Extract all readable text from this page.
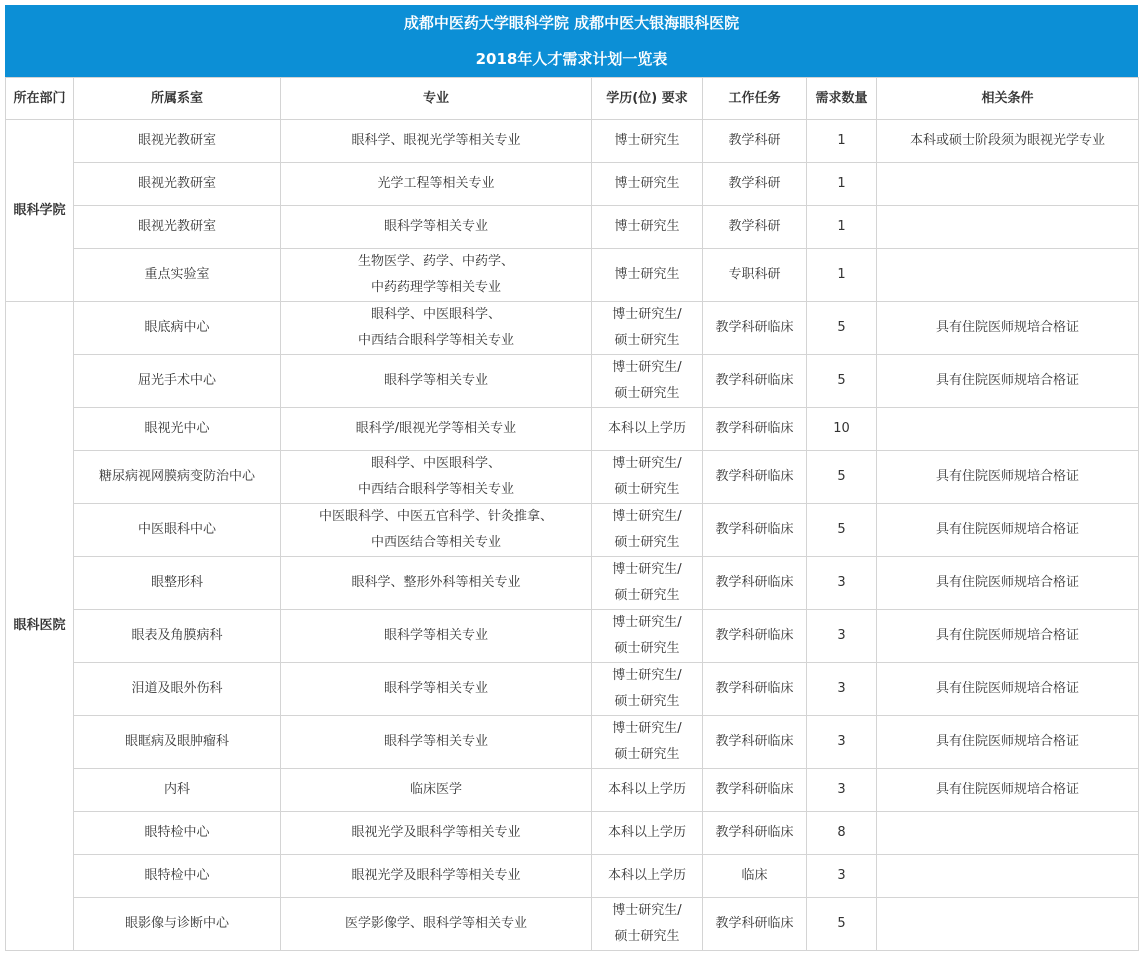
成都中医药大学眼科学院 成都中医大银海眼科医院
2018年人才需求计划一览表
所在部门	所属系室	专业	学历(位) 要求	工作任务	需求数量	相关条件
眼科学院	眼视光教研室	眼科学、眼视光学等相关专业	博士研究生	教学科研	1	本科或硕士阶段须为眼视光学专业
	眼视光教研室	光学工程等相关专业	博士研究生	教学科研	1	
	眼视光教研室	眼科学等相关专业	博士研究生	教学科研	1	
	重点实验室	生物医学、药学、中药学、
中药药理学等相关专业	博士研究生	专职科研	1	
眼科医院	眼底病中心	眼科学、中医眼科学、
中西结合眼科学等相关专业	博士研究生/
硕士研究生	教学科研临床	5	具有住院医师规培合格证
	屈光手术中心	眼科学等相关专业	博士研究生/
硕士研究生	教学科研临床	5	具有住院医师规培合格证
	眼视光中心	眼科学/眼视光学等相关专业	本科以上学历	教学科研临床	10	
	糖尿病视网膜病变防治中心	眼科学、中医眼科学、
中西结合眼科学等相关专业	博士研究生/
硕士研究生	教学科研临床	5	具有住院医师规培合格证
	中医眼科中心	中医眼科学、中医五官科学、针灸推拿、
中西医结合等相关专业	博士研究生/
硕士研究生	教学科研临床	5	具有住院医师规培合格证
	眼整形科	眼科学、整形外科等相关专业	博士研究生/
硕士研究生	教学科研临床	3	具有住院医师规培合格证
	眼表及角膜病科	眼科学等相关专业	博士研究生/
硕士研究生	教学科研临床	3	具有住院医师规培合格证
	泪道及眼外伤科	眼科学等相关专业	博士研究生/
硕士研究生	教学科研临床	3	具有住院医师规培合格证
	眼眶病及眼肿瘤科	眼科学等相关专业	博士研究生/
硕士研究生	教学科研临床	3	具有住院医师规培合格证
	内科	临床医学	本科以上学历	教学科研临床	3	具有住院医师规培合格证
	眼特检中心	眼视光学及眼科学等相关专业	本科以上学历	教学科研临床	8	
	眼特检中心	眼视光学及眼科学等相关专业	本科以上学历	临床	3	
	眼影像与诊断中心	医学影像学、眼科学等相关专业	博士研究生/
硕士研究生	教学科研临床	5	
